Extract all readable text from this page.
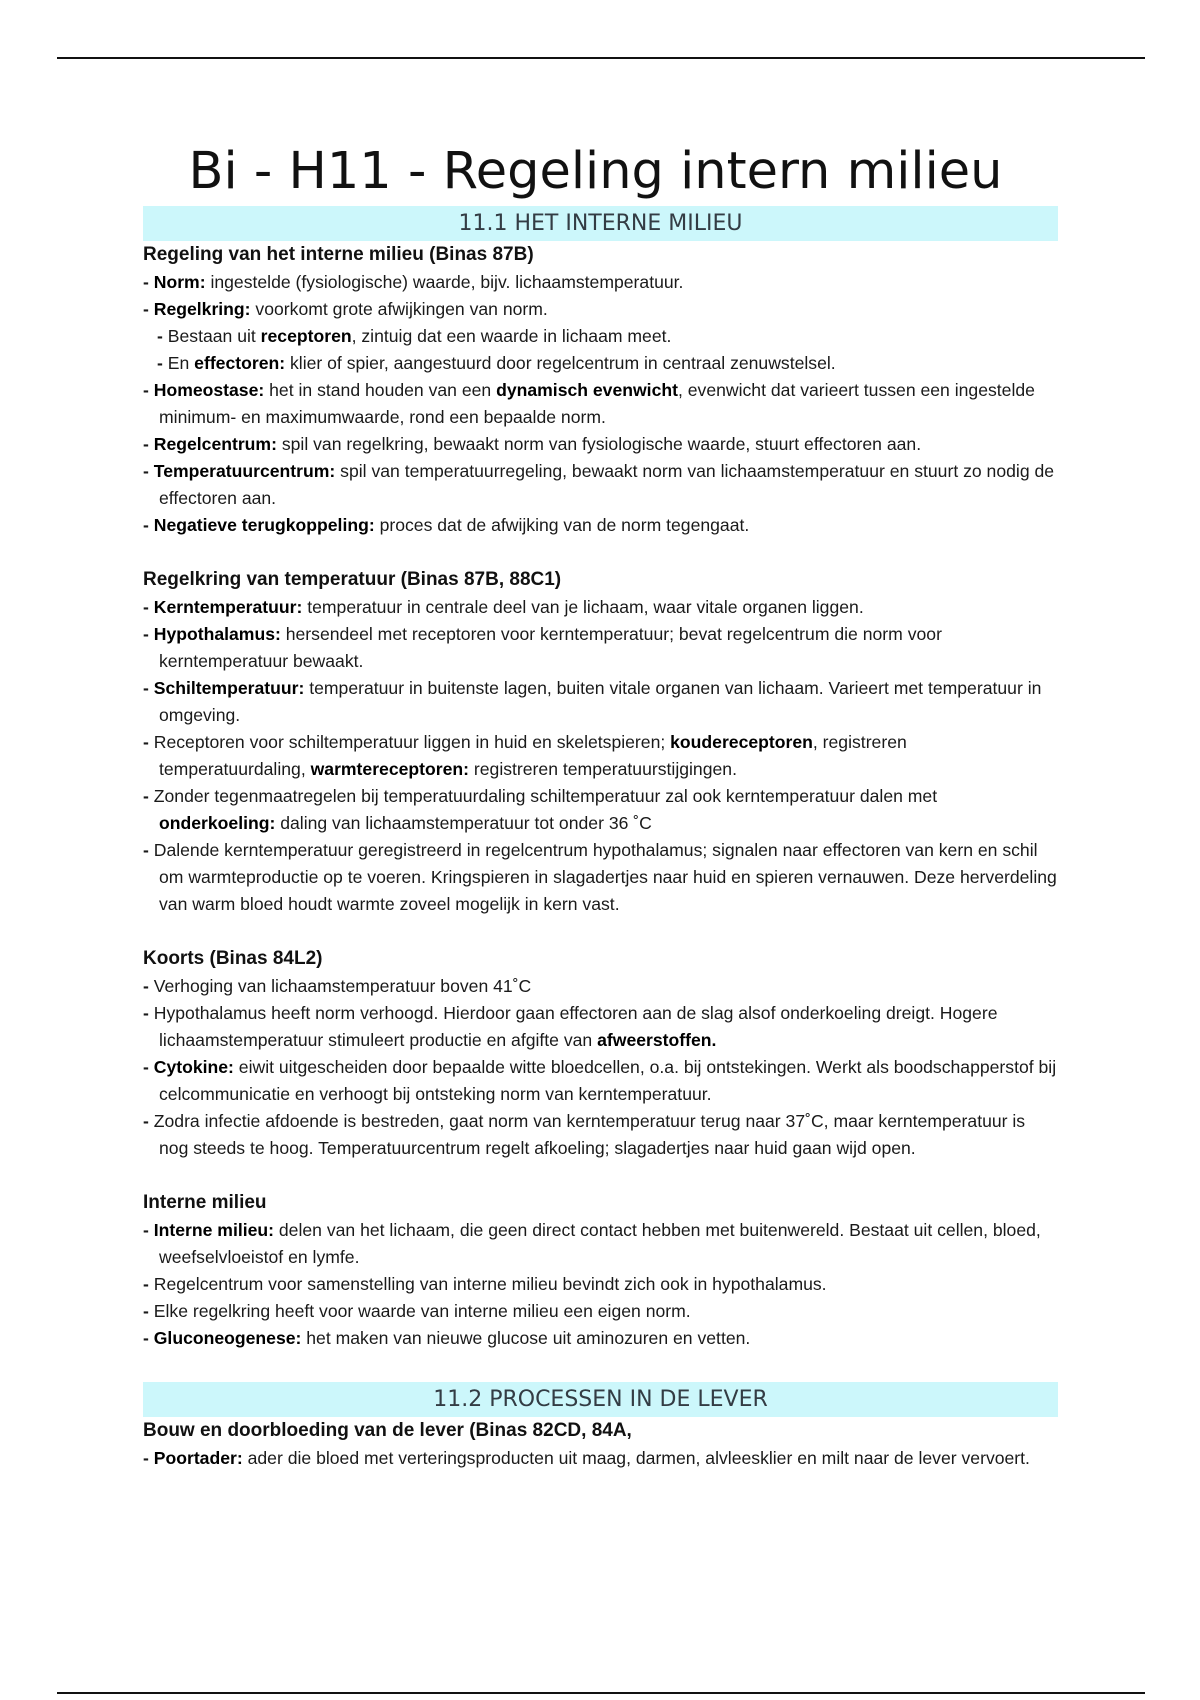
Bi - H11 - Regeling intern milieu
11.1 HET INTERNE MILIEU
Regeling van het interne milieu (Binas 87B)
- Norm: ingestelde (fysiologische) waarde, bijv. lichaamstemperatuur.
- Regelkring: voorkomt grote afwijkingen van norm.
- Bestaan uit receptoren, zintuig dat een waarde in lichaam meet.
- En effectoren: klier of spier, aangestuurd door regelcentrum in centraal zenuwstelsel.
- Homeostase: het in stand houden van een dynamisch evenwicht, evenwicht dat varieert tussen een ingestelde minimum- en maximumwaarde, rond een bepaalde norm.
- Regelcentrum: spil van regelkring, bewaakt norm van fysiologische waarde, stuurt effectoren aan.
- Temperatuurcentrum: spil van temperatuurregeling, bewaakt norm van lichaamstemperatuur en stuurt zo nodig de effectoren aan.
- Negatieve terugkoppeling: proces dat de afwijking van de norm tegengaat.
Regelkring van temperatuur (Binas 87B, 88C1)
- Kerntemperatuur: temperatuur in centrale deel van je lichaam, waar vitale organen liggen.
- Hypothalamus: hersendeel met receptoren voor kerntemperatuur; bevat regelcentrum die norm voor kerntemperatuur bewaakt.
- Schiltemperatuur: temperatuur in buitenste lagen, buiten vitale organen van lichaam. Varieert met temperatuur in omgeving.
- Receptoren voor schiltemperatuur liggen in huid en skeletspieren; koudereceptoren, registreren temperatuurdaling, warmtereceptoren: registreren temperatuurstijgingen.
- Zonder tegenmaatregelen bij temperatuurdaling schiltemperatuur zal ook kerntemperatuur dalen met onderkoeling: daling van lichaamstemperatuur tot onder 36 ˚C
- Dalende kerntemperatuur geregistreerd in regelcentrum hypothalamus; signalen naar effectoren van kern en schil om warmteproductie op te voeren. Kringspieren in slagadertjes naar huid en spieren vernauwen. Deze herverdeling van warm bloed houdt warmte zoveel mogelijk in kern vast.
Koorts (Binas 84L2)
- Verhoging van lichaamstemperatuur boven 41˚C
- Hypothalamus heeft norm verhoogd. Hierdoor gaan effectoren aan de slag alsof onderkoeling dreigt. Hogere lichaamstemperatuur stimuleert productie en afgifte van afweerstoffen.
- Cytokine: eiwit uitgescheiden door bepaalde witte bloedcellen, o.a. bij ontstekingen. Werkt als boodschapperstof bij celcommunicatie en verhoogt bij ontsteking norm van kerntemperatuur.
- Zodra infectie afdoende is bestreden, gaat norm van kerntemperatuur terug naar 37˚C, maar kerntemperatuur is nog steeds te hoog. Temperatuurcentrum regelt afkoeling; slagadertjes naar huid gaan wijd open.
Interne milieu
- Interne milieu: delen van het lichaam, die geen direct contact hebben met buitenwereld. Bestaat uit cellen, bloed, weefselvloeistof en lymfe.
- Regelcentrum voor samenstelling van interne milieu bevindt zich ook in hypothalamus.
- Elke regelkring heeft voor waarde van interne milieu een eigen norm.
- Gluconeogenese: het maken van nieuwe glucose uit aminozuren en vetten.
11.2 PROCESSEN IN DE LEVER
Bouw en doorbloeding van de lever (Binas 82CD, 84A,
- Poortader: ader die bloed met verteringsproducten uit maag, darmen, alvleesklier en milt naar de lever vervoert.
